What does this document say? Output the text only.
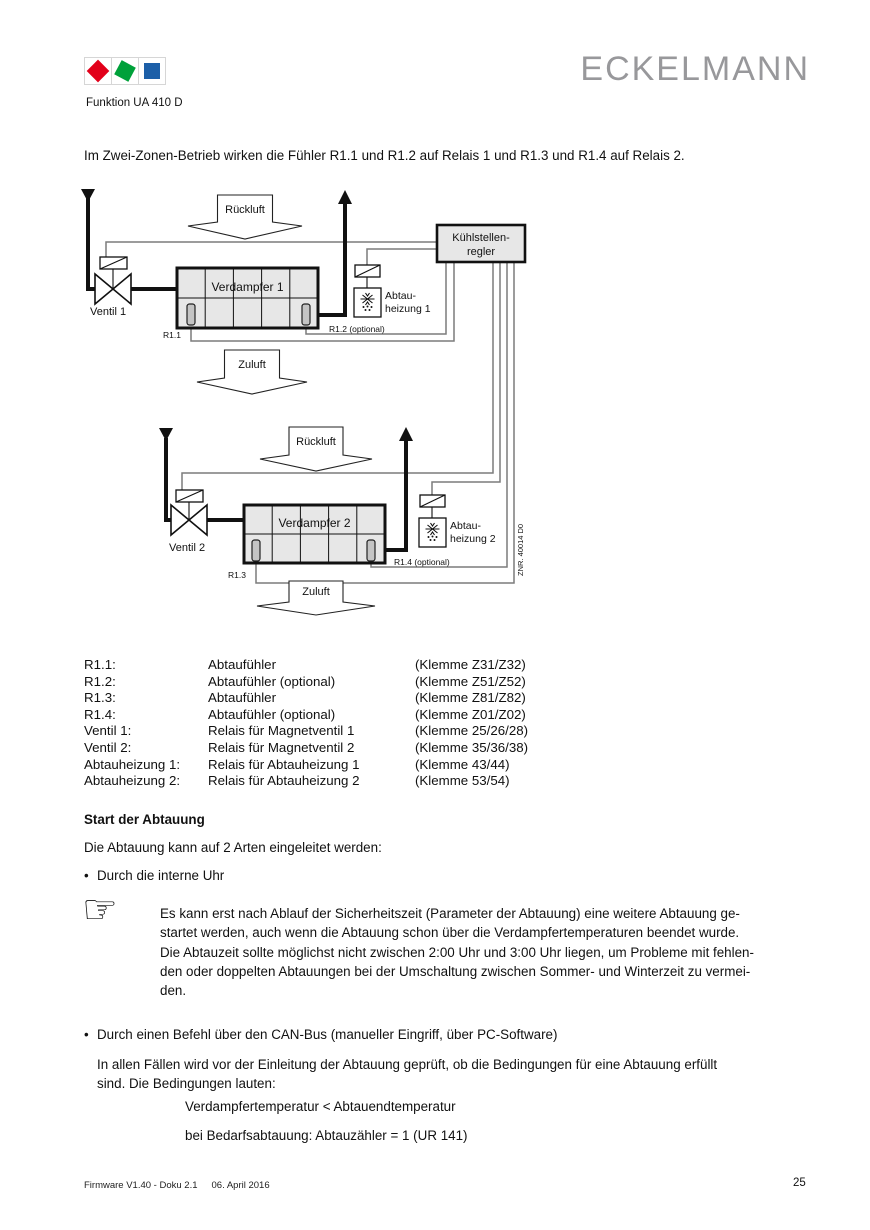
Funktion UA 410 D
ECKELMANN
Im Zwei-Zonen-Betrieb wirken die Fühler R1.1 und R1.2 auf Relais 1 und R1.3 und R1.4 auf Relais 2.
Rückluft
Zuluft
Rückluft
Zuluft
Ventil 1
Verdampfer 1
R1.1
R1.2 (optional)
Abtau-
heizung 1
Kühlstellen-
regler
Ventil 2
Verdampfer 2
R1.3
R1.4 (optional)
Abtau-
heizung 2	ZNR. 40014 D0
R1.1:	Abtaufühler	(Klemme Z31/Z32)
R1.2:	Abtaufühler (optional)	(Klemme Z51/Z52)
R1.3:	Abtaufühler	(Klemme Z81/Z82)
R1.4:	Abtaufühler (optional)	(Klemme Z01/Z02)
Ventil 1:	Relais für Magnetventil 1	(Klemme 25/26/28)
Ventil 2:	Relais für Magnetventil 2	(Klemme 35/36/38)
Abtauheizung 1:	Relais für Abtauheizung 1	(Klemme 43/44)
Abtauheizung 2:	Relais für Abtauheizung 2	(Klemme 53/54)
Start der Abtauung
Die Abtauung kann auf 2 Arten eingeleitet werden:
• Durch die interne Uhr
☞	Es kann erst nach Ablauf der Sicherheitszeit (Parameter der Abtauung) eine weitere Abtauung ge-
startet werden, auch wenn die Abtauung schon über die Verdampfertemperaturen beendet wurde.
Die Abtauzeit sollte möglichst nicht zwischen 2:00 Uhr und 3:00 Uhr liegen, um Probleme mit fehlen-
den oder doppelten Abtauungen bei der Umschaltung zwischen Sommer- und Winterzeit zu vermei-
den.
• Durch einen Befehl über den CAN-Bus (manueller Eingriff, über PC-Software)
In allen Fällen wird vor der Einleitung der Abtauung geprüft, ob die Bedingungen für eine Abtauung erfüllt
sind. Die Bedingungen lauten:
Verdampfertemperatur < Abtauendtemperatur
bei Bedarfsabtauung: Abtauzähler = 1 (UR 141)
Firmware V1.40 - Doku 2.1 06. April 2016	25
